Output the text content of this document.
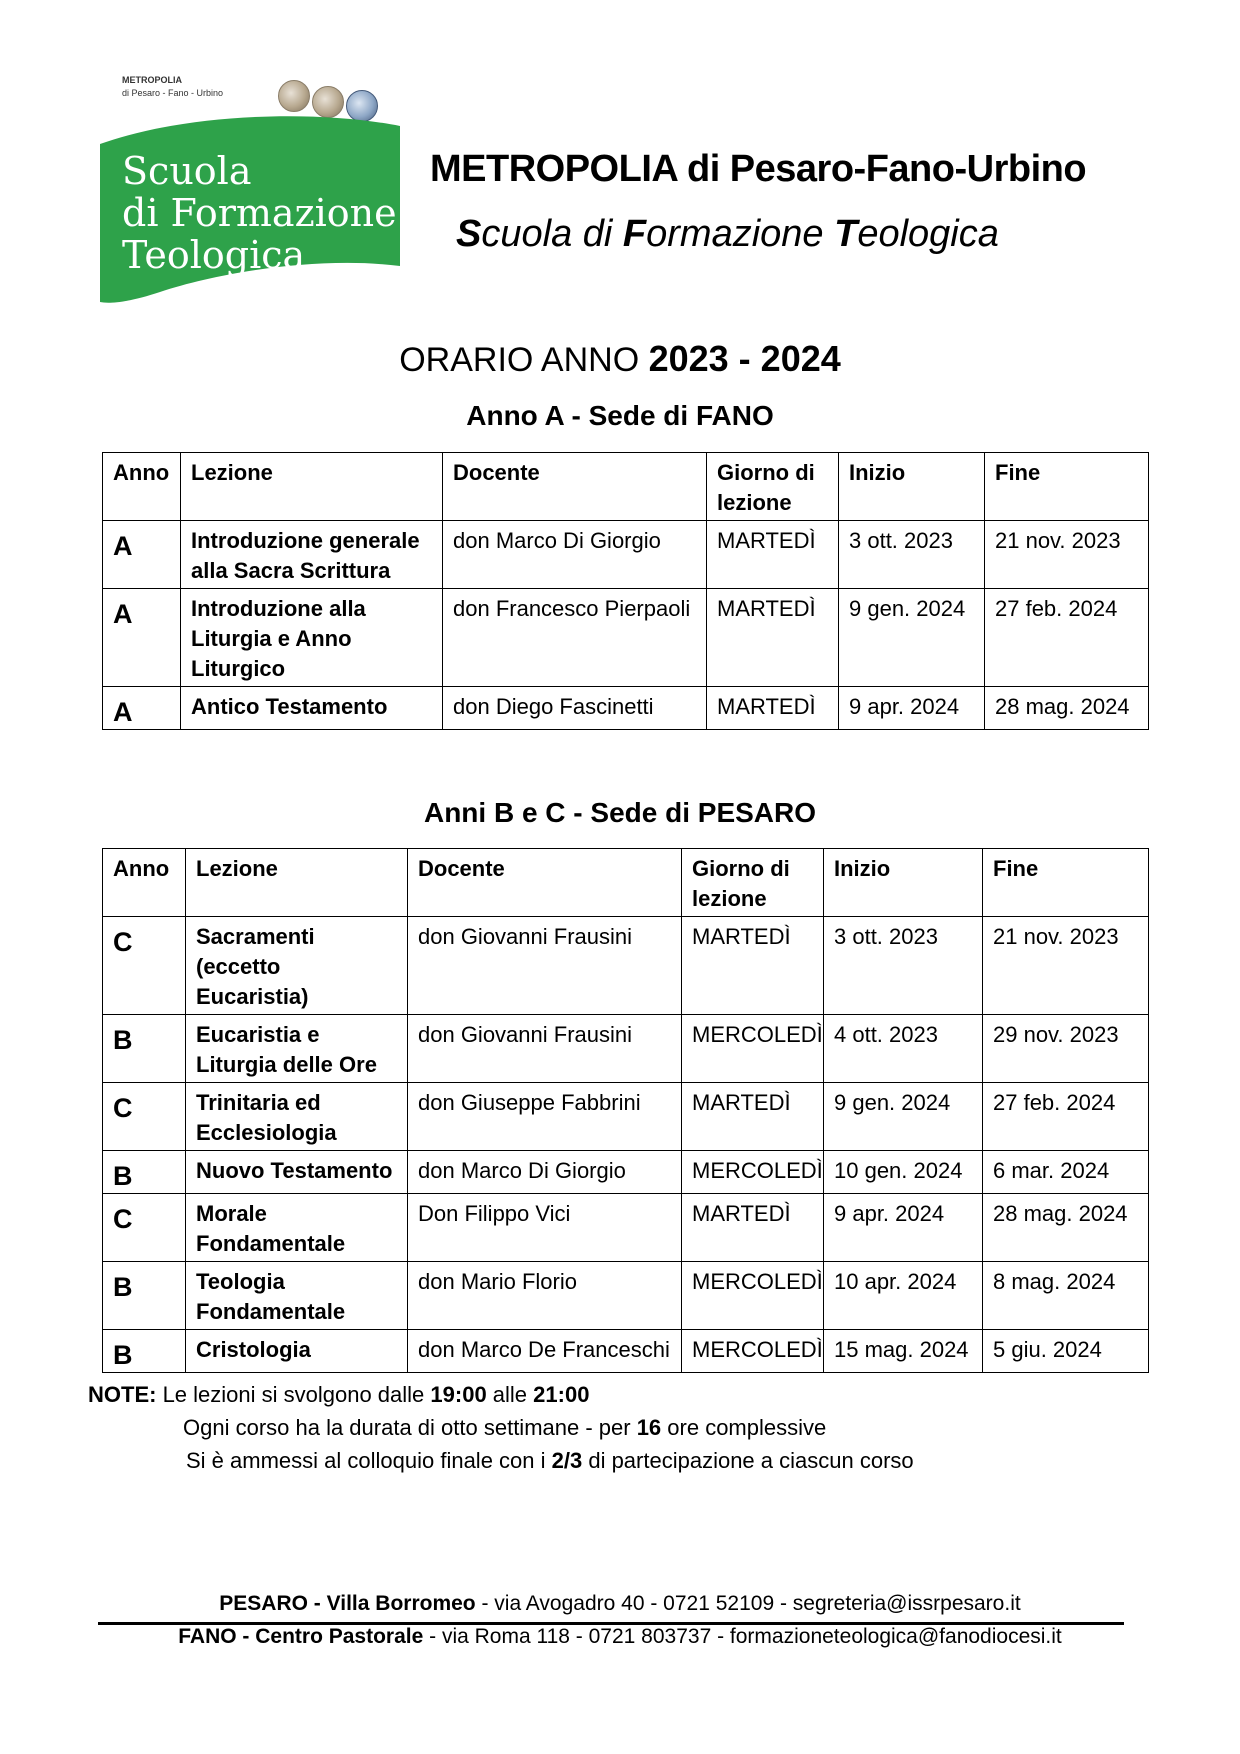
METROPOLIA
di Pesaro - Fano - Urbino
Scuola
di Formazione
Teologica
METROPOLIA di Pesaro-Fano-Urbino
Scuola di Formazione Teologica
ORARIO ANNO 2023 - 2024
Anno A - Sede di FANO
Anno	Lezione	Docente	Giorno di lezione	Inizio	Fine
A	Introduzione generale alla Sacra Scrittura	don Marco Di Giorgio	MARTEDÌ	3 ott. 2023	21 nov. 2023
A	Introduzione alla Liturgia e Anno Liturgico	don Francesco Pierpaoli	MARTEDÌ	9 gen. 2024	27 feb. 2024
A	Antico Testamento	don Diego Fascinetti	MARTEDÌ	9 apr. 2024	28 mag. 2024
Anni B e C - Sede di PESARO
Anno	Lezione	Docente	Giorno di lezione	Inizio	Fine
C	Sacramenti (eccetto Eucaristia)	don Giovanni Frausini	MARTEDÌ	3 ott. 2023	21 nov. 2023
B	Eucaristia e Liturgia delle Ore	don Giovanni Frausini	MERCOLEDÌ	4 ott. 2023	29 nov. 2023
C	Trinitaria ed Ecclesiologia	don Giuseppe Fabbrini	MARTEDÌ	9 gen. 2024	27 feb. 2024
B	Nuovo Testamento	don Marco Di Giorgio	MERCOLEDÌ	10 gen. 2024	6 mar. 2024
C	Morale Fondamentale	Don Filippo Vici	MARTEDÌ	9 apr. 2024	28 mag. 2024
B	Teologia Fondamentale	don Mario Florio	MERCOLEDÌ	10 apr. 2024	8 mag. 2024
B	Cristologia	don Marco De Franceschi	MERCOLEDÌ	15 mag. 2024	5 giu. 2024
NOTE: Le lezioni si svolgono dalle 19:00 alle 21:00
Ogni corso ha la durata di otto settimane - per 16 ore complessive
Si è ammessi al colloquio finale con i 2/3 di partecipazione a ciascun corso
PESARO - Villa Borromeo - via Avogadro 40 - 0721 52109 - segreteria@issrpesaro.it
FANO - Centro Pastorale - via Roma 118 - 0721 803737 - formazioneteologica@fanodiocesi.it
